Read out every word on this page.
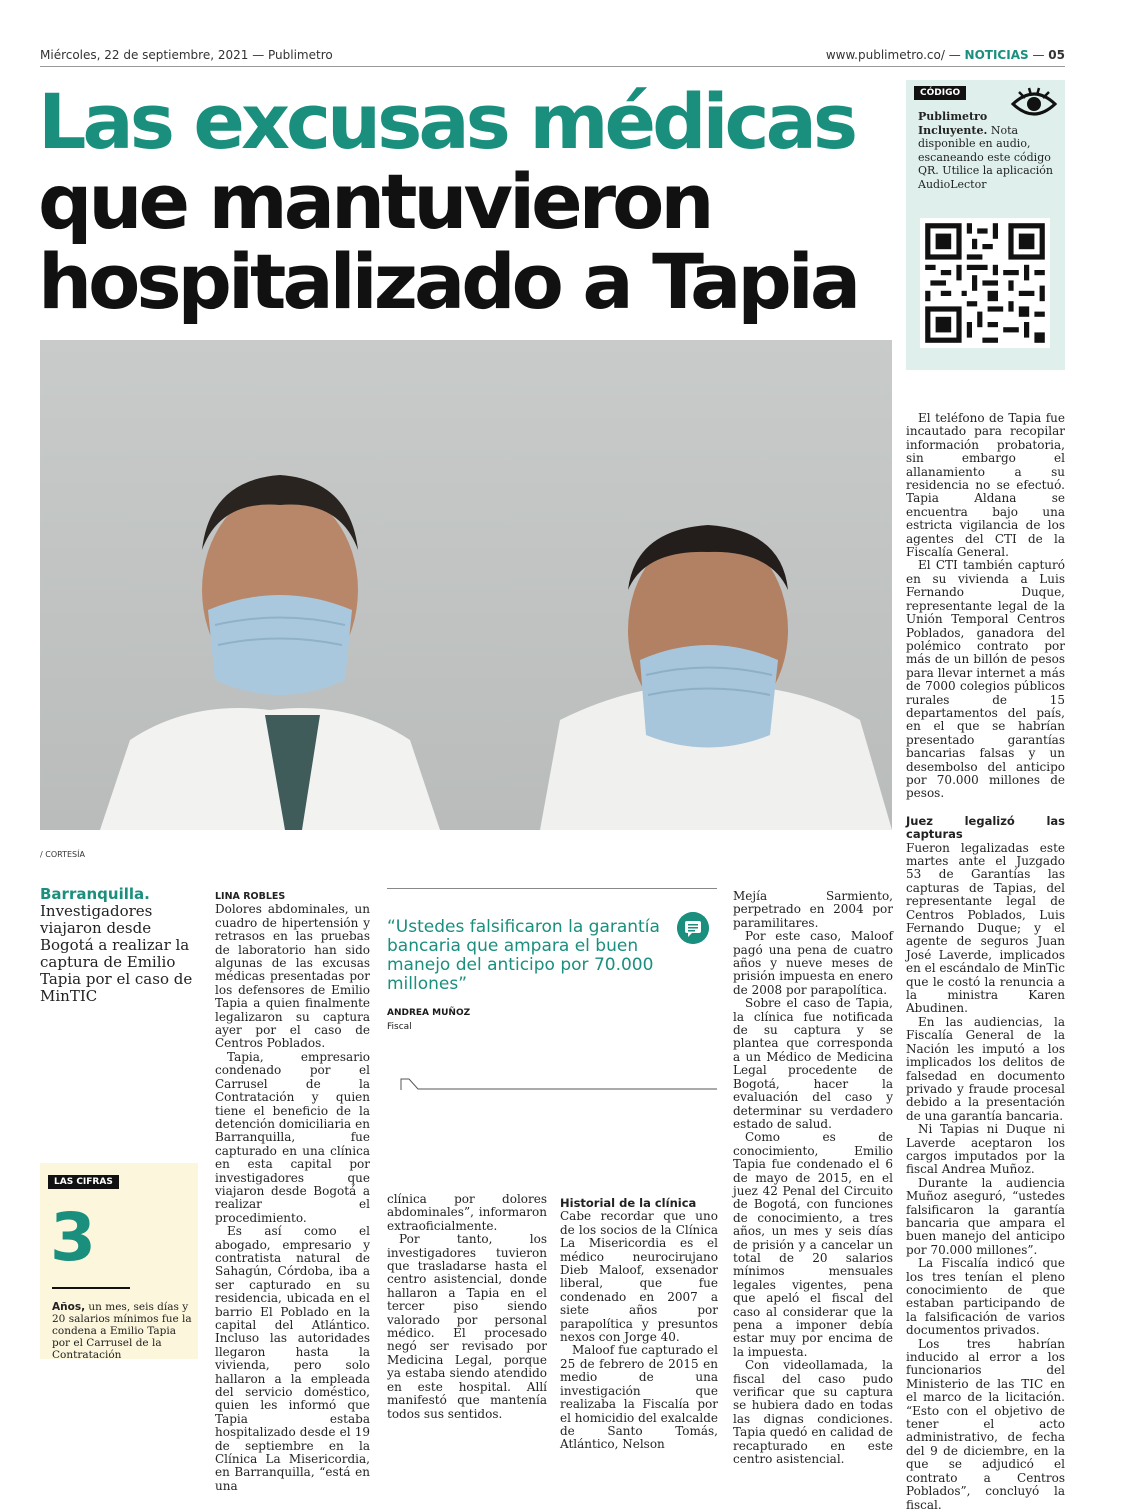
Miércoles, 22 de septiembre, 2021 — Publimetro	www.publimetro.co/ — NOTICIAS — 05
Las excusas médicas
que mantuvieron
hospitalizado a Tapia
CÓDIGO
Publimetro Incluyente. Nota disponible en audio, escaneando este código QR. Utilice la aplicación AudioLector
/ CORTESÍA
Barranquilla.
Investigadores viajaron desde Bogotá a realizar la captura de Emilio Tapia por el caso de MinTIC
LAS CIFRAS
3
Años, un mes, seis días y 20 salarios mínimos fue la condena a Emilio Tapia por el Carrusel de la Contratación
LINA ROBLES

Dolores abdominales, un cuadro de hipertensión y retrasos en las pruebas de laboratorio han sido algunas de las excusas médicas presentadas por los defensores de Emilio Tapia a quien finalmente legalizaron su captura ayer por el caso de Centros Poblados.

Tapia, empresario condenado por el Carrusel de la Contratación y quien tiene el beneficio de la detención domiciliaria en Barranquilla, fue capturado en una clínica en esta capital por investigadores que viajaron desde Bogotá a realizar el procedimiento.

Es así como el abogado, empresario y contratista natural de Sahagún, Córdoba, iba a ser capturado en su residencia, ubicada en el barrio El Poblado en la capital del Atlántico. Incluso las autoridades llegaron hasta la vivienda, pero solo hallaron a la empleada del servicio doméstico, quien les informó que Tapia estaba hospitalizado desde el 19 de septiembre en la Clínica La Misericordia, en Barranquilla, “está en una

“Ustedes falsificaron la garantía bancaria que ampara el buen manejo del anticipo por 70.000 millones”
ANDREA MUÑOZ
Fiscal

clínica por dolores abdominales”, informaron extraoficialmente.

Por tanto, los investigadores tuvieron que trasladarse hasta el centro asistencial, donde hallaron a Tapia en el tercer piso siendo valorado por personal médico. El procesado negó ser revisado por Medicina Legal, porque ya estaba siendo atendido en este hospital. Allí manifestó que mantenía todos sus sentidos.

Historial de la clínica

Cabe recordar que uno de los socios de la Clínica La Misericordia es el médico neurocirujano Dieb Maloof, exsenador liberal, que fue condenado en 2007 a siete años por parapolítica y presuntos nexos con Jorge 40.

Maloof fue capturado el 25 de febrero de 2015 en medio de una investigación que realizaba la Fiscalía por el homicidio del exalcalde de Santo Tomás, Atlántico, Nelson

Mejía Sarmiento, perpetrado en 2004 por paramilitares.

Por este caso, Maloof pagó una pena de cuatro años y nueve meses de prisión impuesta en enero de 2008 por parapolítica.

Sobre el caso de Tapia, la clínica fue notificada de su captura y se plantea que corresponda a un Médico de Medicina Legal procedente de Bogotá, hacer la evaluación del caso y determinar su verdadero estado de salud.

Como es de conocimiento, Emilio Tapia fue condenado el 6 de mayo de 2015, en el juez 42 Penal del Circuito de Bogotá, con funciones de conocimiento, a tres años, un mes y seis días de prisión y a cancelar un total de 20 salarios mínimos mensuales legales vigentes, pena que apeló el fiscal del caso al considerar que la pena a imponer debía estar muy por encima de la impuesta.

Con videollamada, la fiscal del caso pudo verificar que su captura se hubiera dado en todas las dignas condiciones. Tapia quedó en calidad de recapturado en este centro asistencial.

El teléfono de Tapia fue incautado para recopilar información probatoria, sin embargo el allanamiento a su residencia no se efectuó. Tapia Aldana se encuentra bajo una estricta vigilancia de los agentes del CTI de la Fiscalía General.

El CTI también capturó en su vivienda a Luis Fernando Duque, representante legal de la Unión Temporal Centros Poblados, ganadora del polémico contrato por más de un billón de pesos para llevar internet a más de 7000 colegios públicos rurales de 15 departamentos del país, en el que se habrían presentado garantías bancarias falsas y un desembolso del anticipo por 70.000 millones de pesos.

Juez legalizó las capturas

Fueron legalizadas este martes ante el Juzgado 53 de Garantías las capturas de Tapias, del representante legal de Centros Poblados, Luis Fernando Duque; y el agente de seguros Juan José Laverde, implicados en el escándalo de MinTic que le costó la renuncia a la ministra Karen Abudinen.

En las audiencias, la Fiscalía General de la Nación les imputó a los implicados los delitos de falsedad en documento privado y fraude procesal debido a la presentación de una garantía bancaria.

Ni Tapias ni Duque ni Laverde aceptaron los cargos imputados por la fiscal Andrea Muñoz.

Durante la audiencia Muñoz aseguró, “ustedes falsificaron la garantía bancaria que ampara el buen manejo del anticipo por 70.000 millones”.

La Fiscalía indicó que los tres tenían el pleno conocimiento de que estaban participando de la falsificación de varios documentos privados.

Los tres habrían inducido al error a los funcionarios del Ministerio de las TIC en el marco de la licitación. “Esto con el objetivo de tener el acto administrativo, de fecha del 9 de diciembre, en la que se adjudicó el contrato a Centros Poblados”, concluyó la fiscal.
